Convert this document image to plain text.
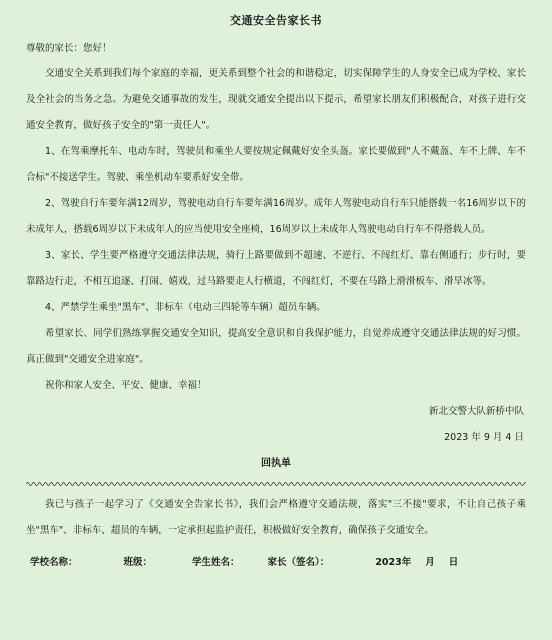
交通安全告家长书
尊敬的家长：您好！

交通安全关系到我们每个家庭的幸福，更关系到整个社会的和谐稳定，切实保障学生的人身安全已成为学校、家长及全社会的当务之急。为避免交通事故的发生，现就交通安全提出以下提示，希望家长朋友们积极配合，对孩子进行交通安全教育，做好孩子安全的"第一责任人"。

1、在驾乘摩托车、电动车时，驾驶员和乘坐人要按规定佩戴好安全头盔。家长要做到"人不戴盔、车不上牌、车不合标"不接送学生。驾驶、乘坐机动车要系好安全带。

2、驾驶自行车要年满12周岁，驾驶电动自行车要年满16周岁。成年人驾驶电动自行车只能搭载一名16周岁以下的未成年人，搭载6周岁以下未成年人的应当使用安全座椅，16周岁以上未成年人驾驶电动自行车不得搭载人员。

3、家长、学生要严格遵守交通法律法规，骑行上路要做到不超速、不逆行、不闯红灯、靠右侧通行；步行时，要靠路边行走，不相互追逐、打闹、嬉戏，过马路要走人行横道，不闯红灯，不要在马路上滑滑板车、滑旱冰等。

4、严禁学生乘坐"黑车"、非标车（电动三四轮等车辆）超员车辆。

希望家长、同学们熟练掌握交通安全知识，提高安全意识和自我保护能力，自觉养成遵守交通法律法规的好习惯。真正做到"交通安全进家庭"。

祝你和家人安全、平安、健康、幸福！

新北交警大队新桥中队

2023 年 9 月 4 日

回执单

我已与孩子一起学习了《交通安全告家长书》，我们会严格遵守交通法规，落实"三不接"要求，不让自己孩子乘坐"黑车"、非标车、超员的车辆，一定承担起监护责任，积极做好安全教育，确保孩子交通安全。

学校名称：	班级：	学生姓名：	家长（签名）：	2023年 月 日
